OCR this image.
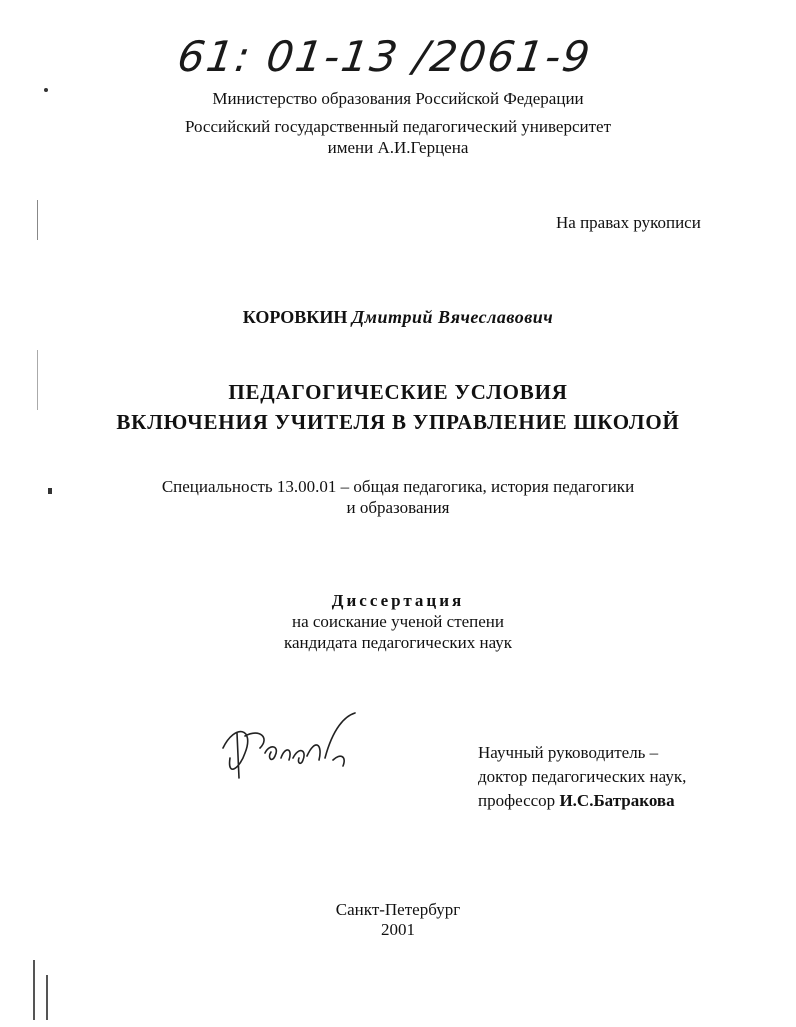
61: 01-13 /2061-9
Министерство образования Российской Федерации
Российский государственный педагогический университет
имени А.И.Герцена
На правах рукописи
КОРОВКИН Дмитрий Вячеславович
ПЕДАГОГИЧЕСКИЕ УСЛОВИЯ
ВКЛЮЧЕНИЯ УЧИТЕЛЯ В УПРАВЛЕНИЕ ШКОЛОЙ
Специальность 13.00.01 – общая педагогика, история педагогики
и образования
Диссертация
на соискание ученой степени
кандидата педагогических наук
Научный руководитель –
доктор педагогических наук,
профессор И.С.Батракова
Санкт-Петербург
2001
